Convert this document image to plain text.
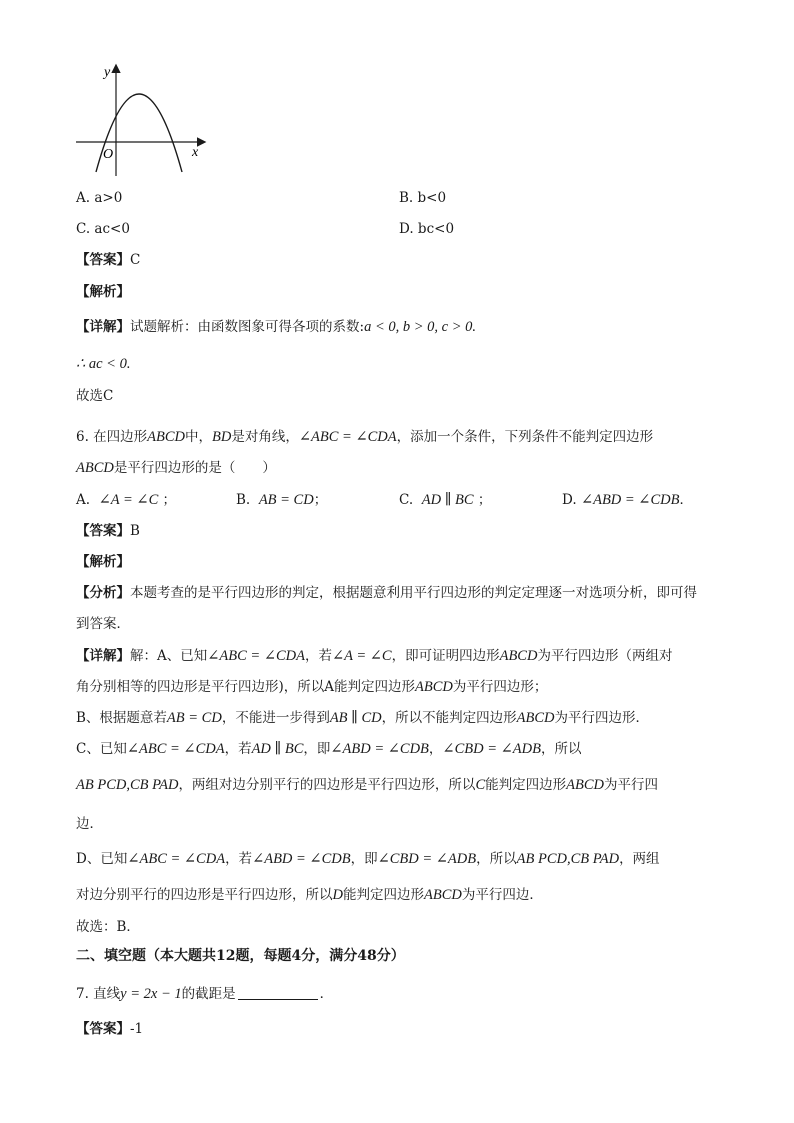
y
x
O
A. a>0	B. b<0
C. ac<0	D. bc<0
【答案】C
【解析】
【详解】试题解析：由函数图象可得各项的系数:a < 0, b > 0, c > 0.
∴ ac < 0.
故选C
6. 在四边形ABCD中，BD是对角线，∠ABC = ∠CDA，添加一个条件，下列条件不能判定四边形
ABCD是平行四边形的是（　　）
A. ∠A = ∠C ；	B. AB = CD；	C. AD ∥ BC ；	D. ∠ABD = ∠CDB．
【答案】B
【解析】
【分析】本题考查的是平行四边形的判定，根据题意利用平行四边形的判定定理逐一对选项分析，即可得
到答案．
【详解】解：A、已知∠ABC = ∠CDA，若∠A = ∠C，即可证明四边形ABCD为平行四边形（两组对
角分别相等的四边形是平行四边形)，所以A能判定四边形ABCD为平行四边形；
B、根据题意若AB = CD，不能进一步得到AB ∥ CD，所以不能判定四边形ABCD为平行四边形．
C、已知∠ABC = ∠CDA，若AD ∥ BC，即∠ABD = ∠CDB，∠CBD = ∠ADB，所以
AB PCD,CB PAD，两组对边分别平行的四边形是平行四边形，所以C能判定四边形ABCD为平行四
边．
D、已知∠ABC = ∠CDA，若∠ABD = ∠CDB，即∠CBD = ∠ADB，所以AB PCD,CB PAD，两组
对边分别平行的四边形是平行四边形，所以D能判定四边形ABCD为平行四边．
故选：B．
二、填空题（本大题共12题，每题4分，满分48分）
7. 直线y = 2x − 1的截距是	．
【答案】-1
